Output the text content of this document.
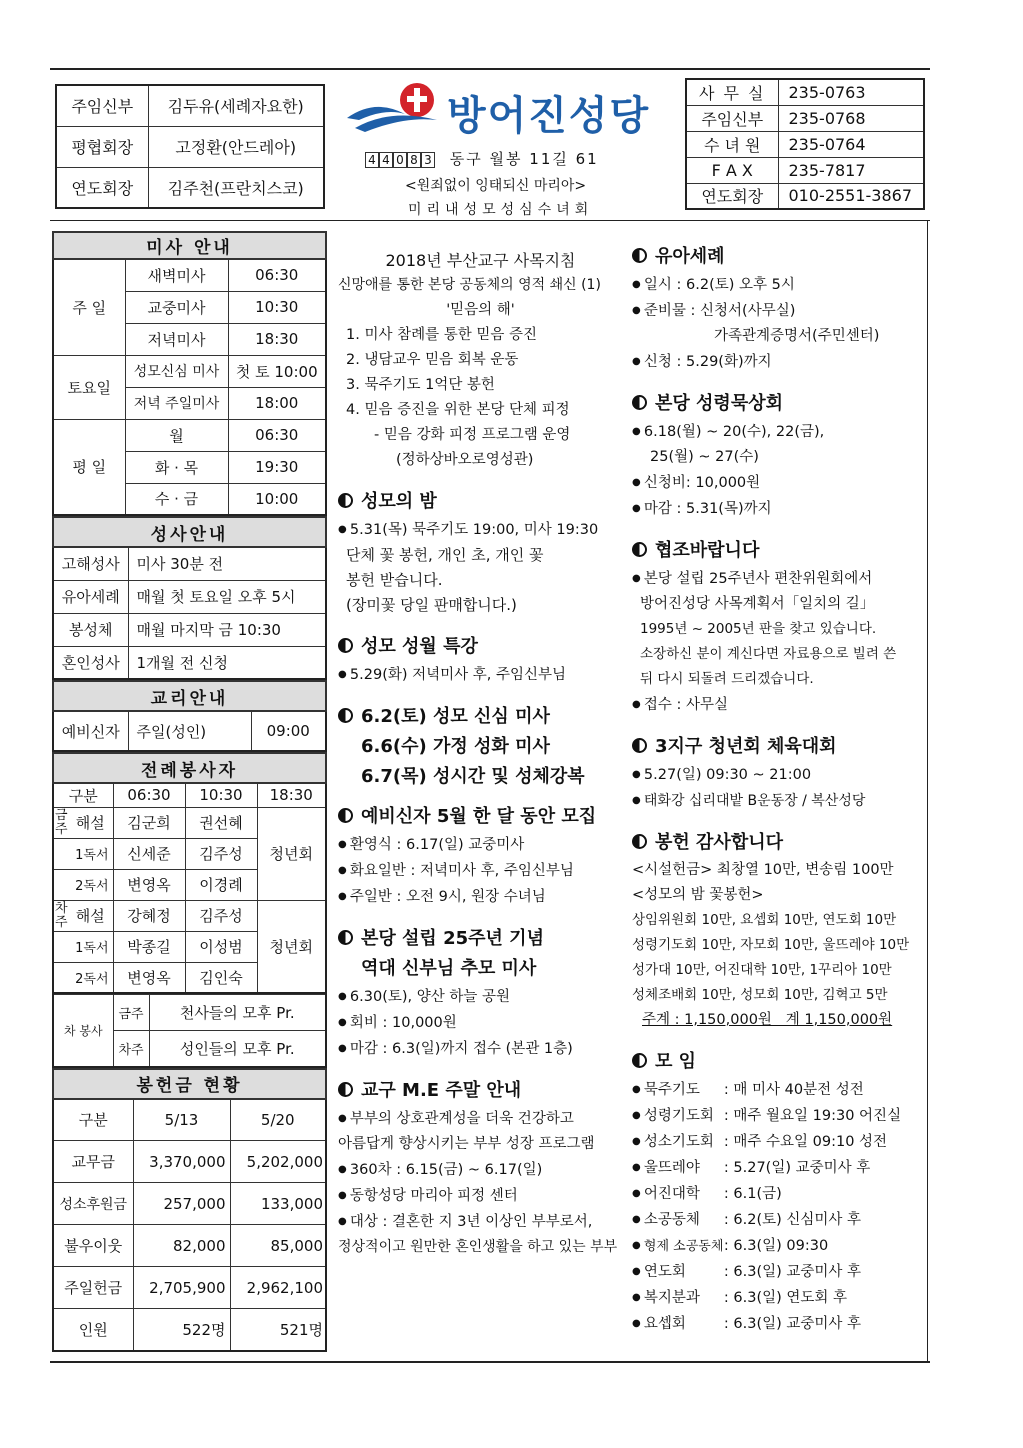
주임신부	김두유(세례자요한)
평협회장	고정환(안드레아)
연도회장	김주천(프란치스코)
방어진성당
4 4 0 8 3 동구 월봉 11길 61
<원죄없이 잉태되신 마리아>
미리내성모성심수녀회
사 무 실	235-0763
주임신부	235-0768
수 녀 원	235-0764
F A X	235-7817
연도회장	010-2551-3867
미사 안내		
주 일	새벽미사	06:30
	교중미사	10:30
	저녁미사	18:30
토요일	성모신심 미사	첫 토 10:00
	저녁 주일미사	18:00
평 일	월	06:30
	화 · 목	19:30
	수 · 금	10:00
성사안내	
고해성사	미사 30분 전
유아세례	매월 첫 토요일 오후 5시
봉성체	매월 마지막 금 10:30
혼인성사	1개월 전 신청
교리안내
예비신자	주일(성인)	09:00
전례봉사자			
구분	06:30	10:30	18:30
금주 해설	김군희	권선혜	청년회
1독서	신세준	김주성	
2독서	변영옥	이경례	
차주 해설	강혜정	김주성	청년회
1독서	박종길	이성범	
2독서	변영옥	김인숙	
차 봉사	금주	천사들의 모후 Pr.
	차주	성인들의 모후 Pr.
봉헌금 현황		
구분	5/13	5/20
교무금	3,370,000	5,202,000
성소후원금	257,000	133,000
불우이웃	82,000	85,000
주일헌금	2,705,900	2,962,100
인원	522명	521명
2018년 부산교구 사목지침
신망애를 통한 본당 공동체의 영적 쇄신 (1)
'믿음의 해'
1. 미사 참례를 통한 믿음 증진
2. 냉담교우 믿음 회복 운동
3. 묵주기도 1억단 봉헌
4. 믿음 증진을 위한 본당 단체 피정
- 믿음 강화 피정 프로그램 운영
(정하상바오로영성관)
성모의 밤
● 5.31(목) 묵주기도 19:00, 미사 19:30
단체 꽃 봉헌, 개인 초, 개인 꽃
봉헌 받습니다.
(장미꽃 당일 판매합니다.)
성모 성월 특강
● 5.29(화) 저녁미사 후, 주임신부님
6.2(토) 성모 신심 미사
6.6(수) 가정 성화 미사
6.7(목) 성시간 및 성체강복
예비신자 5월 한 달 동안 모집
● 환영식 : 6.17(일) 교중미사
● 화요일반 : 저녁미사 후, 주임신부님
● 주일반 : 오전 9시, 원장 수녀님
본당 설립 25주년 기념
역대 신부님 추모 미사
● 6.30(토), 양산 하늘 공원
● 회비 : 10,000원
● 마감 : 6.3(일)까지 접수 (본관 1층)
교구 M.E 주말 안내
● 부부의 상호관계성을 더욱 건강하고
아름답게 향상시키는 부부 성장 프로그램
● 360차 : 6.15(금) ~ 6.17(일)
● 동항성당 마리아 피정 센터
● 대상 : 결혼한 지 3년 이상인 부부로서,
정상적이고 원만한 혼인생활을 하고 있는 부부
유아세례
● 일시 : 6.2(토) 오후 5시
● 준비물 : 신청서(사무실)
가족관계증명서(주민센터)
● 신청 : 5.29(화)까지
본당 성령묵상회
● 6.18(월) ~ 20(수), 22(금),
25(월) ~ 27(수)
● 신청비: 10,000원
● 마감 : 5.31(목)까지
협조바랍니다
● 본당 설립 25주년사 편찬위원회에서
방어진성당 사목계획서「일치의 길」
1995년 ~ 2005년 판을 찾고 있습니다.
소장하신 분이 계신다면 자료용으로 빌려 쓴
뒤 다시 되돌려 드리겠습니다.
● 접수 : 사무실
3지구 청년회 체육대회
● 5.27(일) 09:30 ~ 21:00
● 태화강 십리대밭 B운동장 / 복산성당
봉헌 감사합니다
<시설헌금> 최창열 10만, 변송림 100만
<성모의 밤 꽃봉헌>
상임위원회 10만, 요셉회 10만, 연도회 10만
성령기도회 10만, 자모회 10만, 울뜨레야 10만
성가대 10만, 어진대학 10만, 1꾸리아 10만
성체조배회 10만, 성모회 10만, 김혁고 5만
주계 : 1,150,000원   계 1,150,000원
모 임
● 묵주기도 : 매 미사 40분전 성전
● 성령기도회 : 매주 월요일 19:30 어진실
● 성소기도회 : 매주 수요일 09:10 성전
● 울뜨레야 : 5.27(일) 교중미사 후
● 어진대학 : 6.1(금)
● 소공동체 : 6.2(토) 신심미사 후
● 형제 소공동체: 6.3(일) 09:30
● 연도회	: 6.3(일) 교중미사 후
● 복지분과 : 6.3(일) 연도회 후
● 요셉회	: 6.3(일) 교중미사 후
